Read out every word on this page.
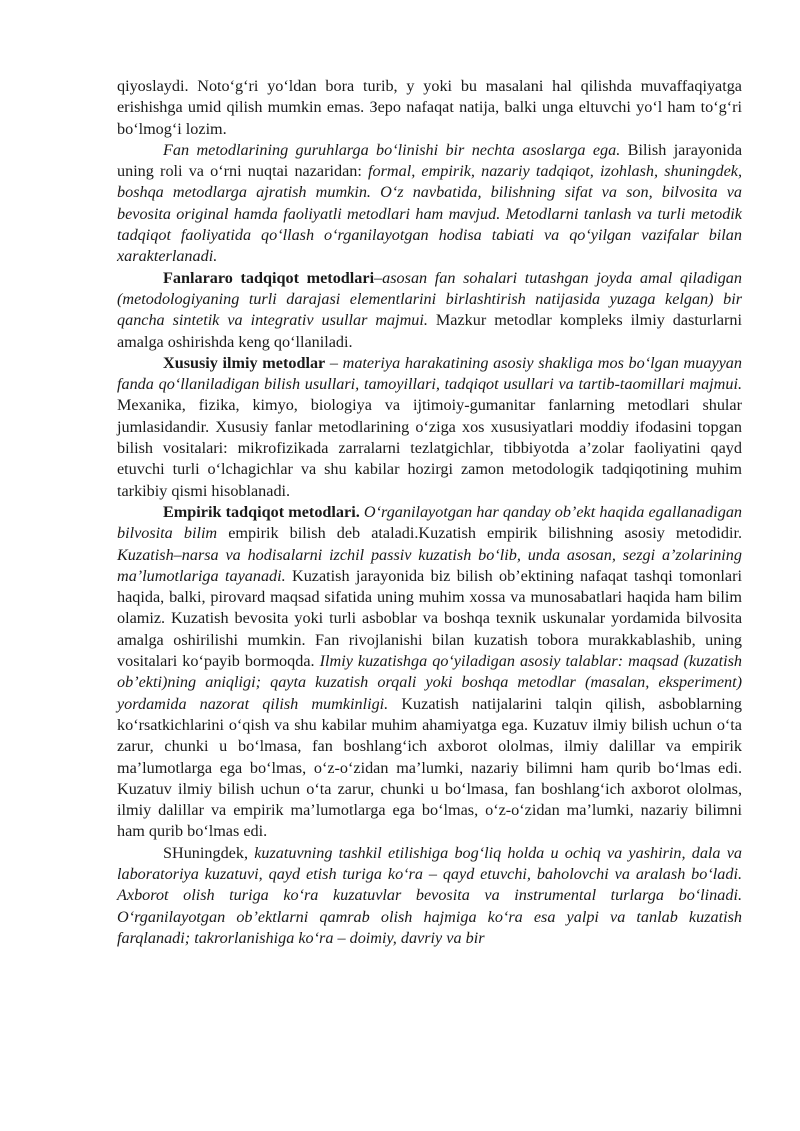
qiyoslaydi. Noto‘g‘ri yo‘ldan bora turib, y yoki bu masalani hal qilishda muvaffaqiyatga erishishga umid qilish mumkin emas. Зеро nafaqat natija, balki unga eltuvchi yo‘l ham to‘g‘ri bo‘lmog‘i lozim.

Fan metodlarining guruhlarga bo‘linishi bir nechta asoslarga ega. Bilish jarayonida uning roli va o‘rni nuqtai nazaridan: formal, empirik, nazariy tadqiqot, izohlash, shuningdek, boshqa metodlarga ajratish mumkin. O‘z navbatida, bilishning sifat va son, bilvosita va bevosita original hamda faoliyatli metodlari ham mavjud. Metodlarni tanlash va turli metodik tadqiqot faoliyatida qo‘llash o‘rganilayotgan hodisa tabiati va qo‘yilgan vazifalar bilan xarakterlanadi.

Fanlararo tadqiqot metodlari–asosan fan sohalari tutashgan joyda amal qiladigan (metodologiyaning turli darajasi elementlarini birlashtirish natijasida yuzaga kelgan) bir qancha sintetik va integrativ usullar majmui. Mazkur metodlar kompleks ilmiy dasturlarni amalga oshirishda keng qo‘llaniladi.

Xususiy ilmiy metodlar – materiya harakatining asosiy shakliga mos bo‘lgan muayyan fanda qo‘llaniladigan bilish usullari, tamoyillari, tadqiqot usullari va tartib-taomillari majmui. Mexanika, fizika, kimyo, biologiya va ijtimoiy-gumanitar fanlarning metodlari shular jumlasidandir. Xususiy fanlar metodlarining o‘ziga xos xususiyatlari moddiy ifodasini topgan bilish vositalari: mikrofizikada zarralarni tezlatgichlar, tibbiyotda a’zolar faoliyatini qayd etuvchi turli o‘lchagichlar va shu kabilar hozirgi zamon metodologik tadqiqotining muhim tarkibiy qismi hisoblanadi.

Empirik tadqiqot metodlari. O‘rganilayotgan har qanday ob’ekt haqida egallanadigan bilvosita bilim empirik bilish deb ataladi.Kuzatish empirik bilishning asosiy metodidir. Kuzatish–narsa va hodisalarni izchil passiv kuzatish bo‘lib, unda asosan, sezgi a’zolarining ma’lumotlariga tayanadi. Kuzatish jarayonida biz bilish ob’ektining nafaqat tashqi tomonlari haqida, balki, pirovard maqsad sifatida uning muhim xossa va munosabatlari haqida ham bilim olamiz. Kuzatish bevosita yoki turli asboblar va boshqa texnik uskunalar yordamida bilvosita amalga oshirilishi mumkin. Fan rivojlanishi bilan kuzatish tobora murakkablashib, uning vositalari ko‘payib bormoqda. Ilmiy kuzatishga qo‘yiladigan asosiy talablar: maqsad (kuzatish ob’ekti)ning aniqligi; qayta kuzatish orqali yoki boshqa metodlar (masalan, eksperiment) yordamida nazorat qilish mumkinligi. Kuzatish natijalarini talqin qilish, asboblarning ko‘rsatkichlarini o‘qish va shu kabilar muhim ahamiyatga ega. Kuzatuv ilmiy bilish uchun o‘ta zarur, chunki u bo‘lmasa, fan boshlang‘ich axborot ololmas, ilmiy dalillar va empirik ma’lumotlarga ega bo‘lmas, o‘z-o‘zidan ma’lumki, nazariy bilimni ham qurib bo‘lmas edi. Kuzatuv ilmiy bilish uchun o‘ta zarur, chunki u bo‘lmasa, fan boshlang‘ich axborot ololmas, ilmiy dalillar va empirik ma’lumotlarga ega bo‘lmas, o‘z-o‘zidan ma’lumki, nazariy bilimni ham qurib bo‘lmas edi.

SHuningdek, kuzatuvning tashkil etilishiga bog‘liq holda u ochiq va yashirin, dala va laboratoriya kuzatuvi, qayd etish turiga ko‘ra – qayd etuvchi, baholovchi va aralash bo‘ladi. Axborot olish turiga ko‘ra kuzatuvlar bevosita va instrumental turlarga bo‘linadi. O‘rganilayotgan ob’ektlarni qamrab olish hajmiga ko‘ra esa yalpi va tanlab kuzatish farqlanadi; takrorlanishiga ko‘ra – doimiy, davriy va bir
